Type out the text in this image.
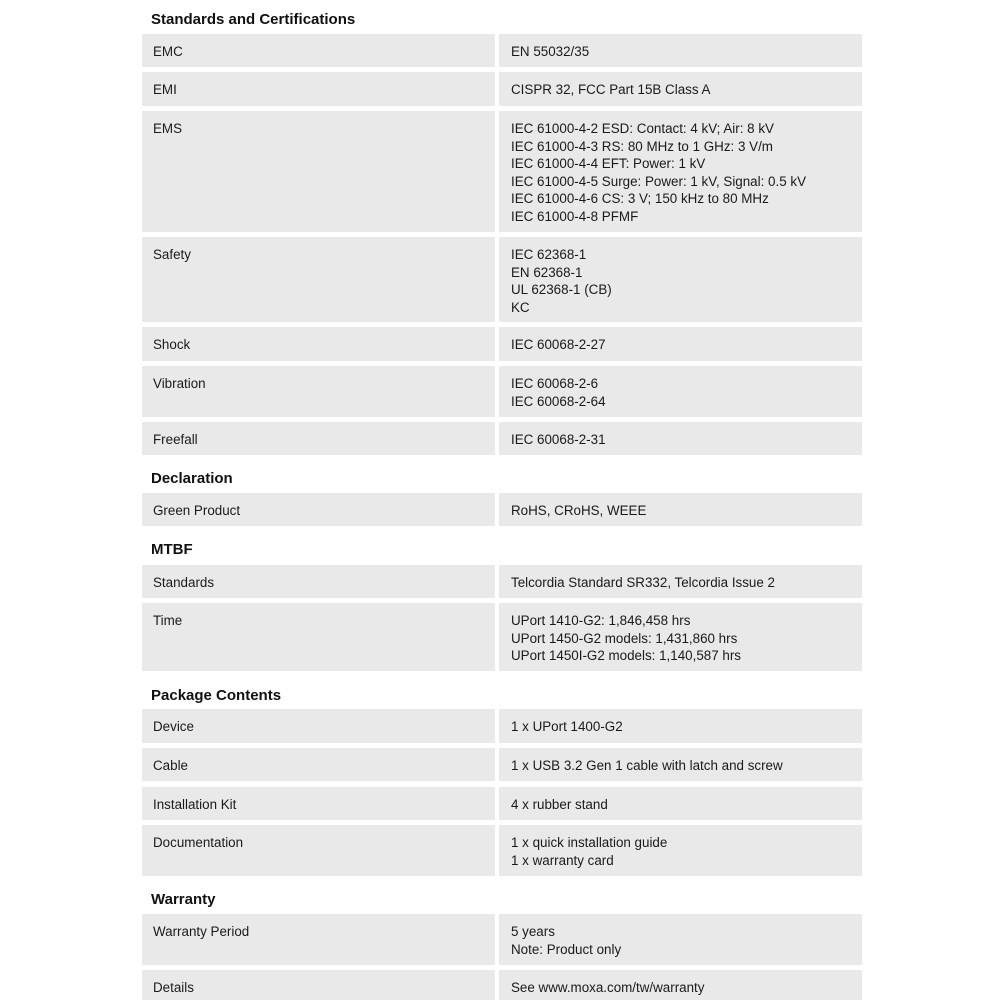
Standards and Certifications
EMC	EN 55032/35
EMI	CISPR 32, FCC Part 15B Class A
EMS	IEC 61000-4-2 ESD: Contact: 4 kV; Air: 8 kV
IEC 61000-4-3 RS: 80 MHz to 1 GHz: 3 V/m
IEC 61000-4-4 EFT: Power: 1 kV
IEC 61000-4-5 Surge: Power: 1 kV, Signal: 0.5 kV
IEC 61000-4-6 CS: 3 V; 150 kHz to 80 MHz
IEC 61000-4-8 PFMF
Safety	IEC 62368-1
EN 62368-1
UL 62368-1 (CB)
KC
Shock	IEC 60068-2-27
Vibration	IEC 60068-2-6
IEC 60068-2-64
Freefall	IEC 60068-2-31
Declaration
Green Product	RoHS, CRoHS, WEEE
MTBF
Standards	Telcordia Standard SR332, Telcordia Issue 2
Time	UPort 1410-G2: 1,846,458 hrs
UPort 1450-G2 models: 1,431,860 hrs
UPort 1450I-G2 models: 1,140,587 hrs
Package Contents
Device	1 x UPort 1400-G2
Cable	1 x USB 3.2 Gen 1 cable with latch and screw
Installation Kit	4 x rubber stand
Documentation	1 x quick installation guide
1 x warranty card
Warranty
Warranty Period	5 years
Note: Product only
Details	See www.moxa.com/tw/warranty
